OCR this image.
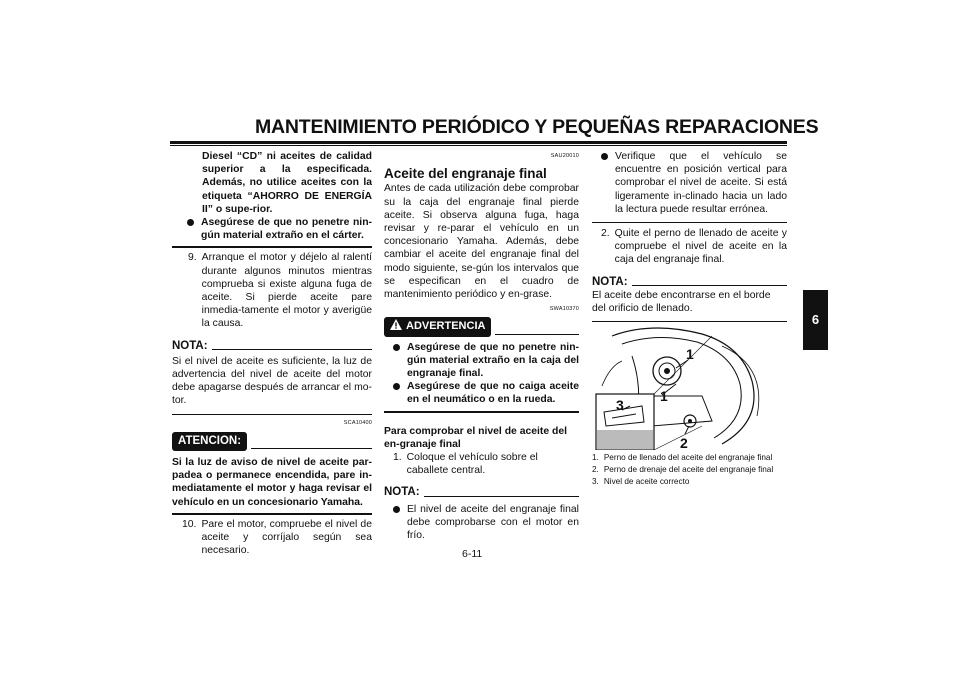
MANTENIMIENTO PERIÓDICO Y PEQUEÑAS REPARACIONES
6
Diesel “CD” ni aceites de calidad superior a la especificada. Además, no utilice aceites con la etiqueta “AHORRO DE ENERGÍA II” o supe-rior.
Asegúrese de que no penetre nin-gún material extraño en el cárter.
9. Arranque el motor y déjelo al ralentí durante algunos minutos mientras comprueba si existe alguna fuga de aceite. Si pierde aceite pare inmedia-tamente el motor y averigüe la causa.
NOTA:
Si el nivel de aceite es suficiente, la luz de advertencia del nivel de aceite del motor debe apagarse después de arrancar el mo-tor.
SCA10400
ATENCION:
Si la luz de aviso de nivel de aceite par-padea o permanece encendida, pare in-mediatamente el motor y haga revisar el vehículo en un concesionario Yamaha.
10. Pare el motor, compruebe el nivel de aceite y corríjalo según sea necesario.
SAU20010
Aceite del engranaje final
Antes de cada utilización debe comprobar su la caja del engranaje final pierde aceite. Si observa alguna fuga, haga revisar y re-parar el vehículo en un concesionario Yamaha. Además, debe cambiar el aceite del engranaje final del modo siguiente, se-gún los intervalos que se especifican en el cuadro de mantenimiento periódico y en-grase.
SWA10370
ADVERTENCIA
Asegúrese de que no penetre nin-gún material extraño en la caja del engranaje final.
Asegúrese de que no caiga aceite en el neumático o en la rueda.
Para comprobar el nivel de aceite del en-granaje final
1. Coloque el vehículo sobre el caballete central.
NOTA:
El nivel de aceite del engranaje final debe comprobarse con el motor en frío.
Verifique que el vehículo se encuentre en posición vertical para comprobar el nivel de aceite. Si está ligeramente in-clinado hacia un lado la lectura puede resultar errónea.
2. Quite el perno de llenado de aceite y compruebe el nivel de aceite en la caja del engranaje final.
NOTA:
El aceite debe encontrarse en el borde del orificio de llenado.
1
1
2
3
1. Perno de llenado del aceite del engranaje final
2. Perno de drenaje del aceite del engranaje final
3. Nivel de aceite correcto
6-11
